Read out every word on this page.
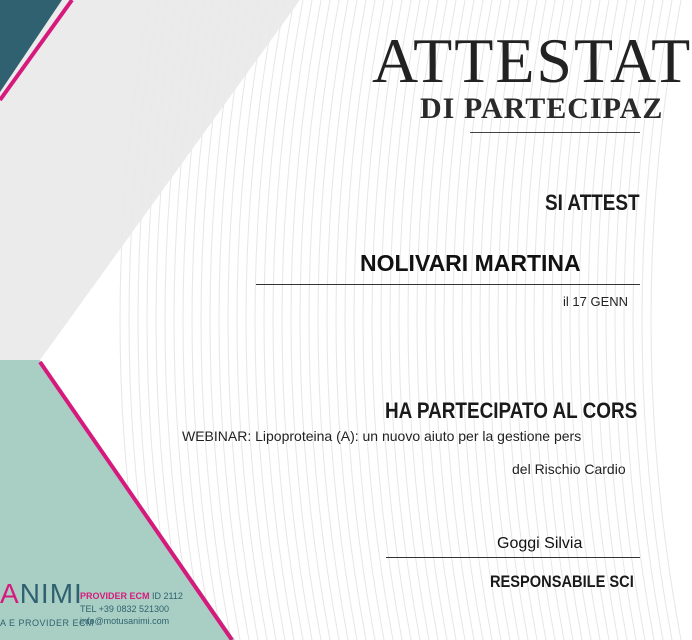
ATTESTAT
DI PARTECIPAZ
SI ATTEST
NOLIVARI MARTINA
il 17 GENN
HA PARTECIPATO AL CORS
WEBINAR: Lipoproteina (A): un nuovo aiuto per la gestione pers
del Rischio Cardio
Goggi Silvia
RESPONSABILE SCI
ANIMI
A E PROVIDER ECM
PROVIDER ECM ID 2112
TEL +39 0832 521300
info@motusanimi.com
